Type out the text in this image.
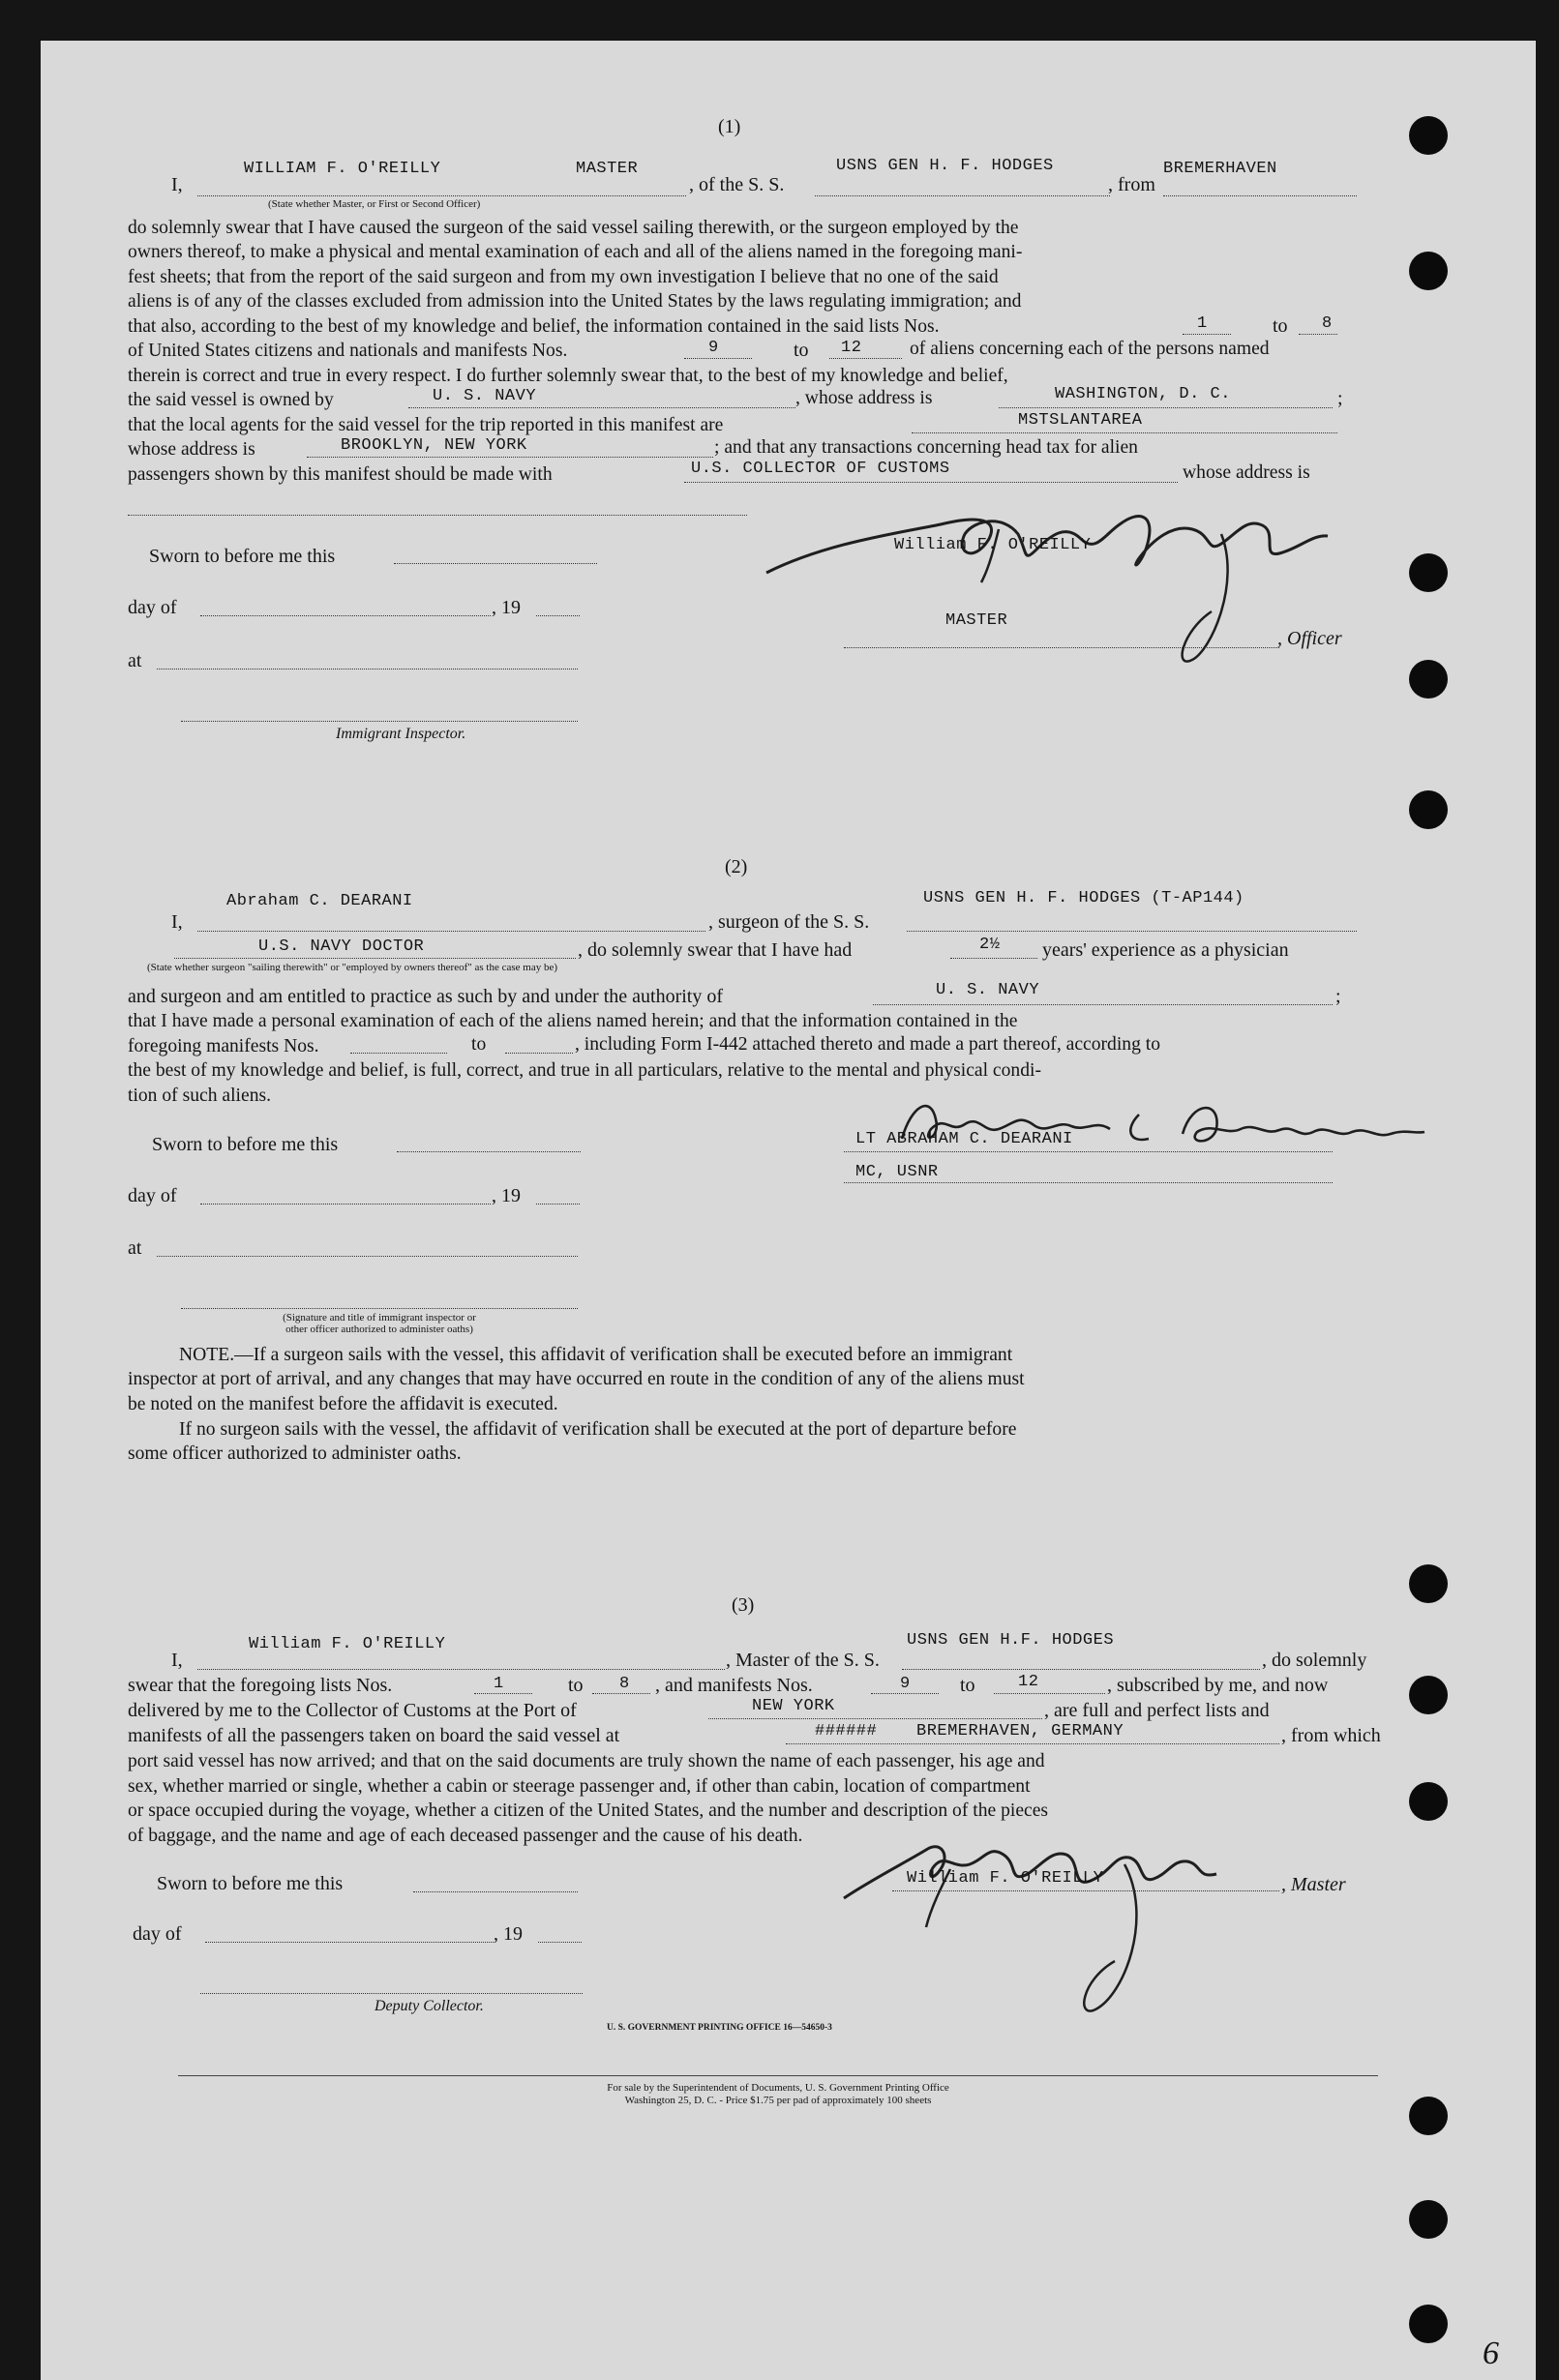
(1)
I,
WILLIAM F. O'REILLY	MASTER
(State whether Master, or First or Second Officer)
, of the S. S.
USNS GEN H. F. HODGES
, from
BREMERHAVEN
do solemnly swear that I have caused the surgeon of the said vessel sailing therewith, or the surgeon employed by the
owners thereof, to make a physical and mental examination of each and all of the aliens named in the foregoing mani-
fest sheets; that from the report of the said surgeon and from my own investigation I believe that no one of the said
aliens is of any of the classes excluded from admission into the United States by the laws regulating immigration; and
that also, according to the best of my knowledge and belief, the information contained in the said lists Nos.	1	to 8
of United States citizens and nationals and manifests Nos.	9	to 12	of aliens concerning each of the persons named
therein is correct and true in every respect. I do further solemnly swear that, to the best of my knowledge and belief,
the said vessel is owned by	U. S. NAVY	, whose address is	WASHINGTON, D. C.	;
that the local agents for the said vessel for the trip reported in this manifest are	MSTSLANTAREA
whose address is	BROOKLYN, NEW YORK	; and that any transactions concerning head tax for alien
passengers shown by this manifest should be made with	U.S. COLLECTOR OF CUSTOMS	whose address is
Sworn to before me this
William F. O'REILLY
day of	, 19
MASTER
, Officer
at
Immigrant Inspector.
(2)
I,
Abraham C. DEARANI
, surgeon of the S. S.
USNS GEN H. F. HODGES (T-AP144)
U.S. NAVY DOCTOR	, do solemnly swear that I have had	2½ years' experience as a physician
(State whether surgeon "sailing therewith" or "employed by owners thereof" as the case may be)
and surgeon and am entitled to practice as such by and under the authority of	U. S. NAVY	;
that I have made a personal examination of each of the aliens named herein; and that the information contained in the
foregoing manifests Nos.	to	, including Form I-442 attached thereto and made a part thereof, according to
the best of my knowledge and belief, is full, correct, and true in all particulars, relative to the mental and physical condi-
tion of such aliens.
Sworn to before me this	LT ABRAHAM C. DEARANI
MC, USNR
day of	, 19
at
(Signature and title of immigrant inspector or
other officer authorized to administer oaths)
NOTE.—If a surgeon sails with the vessel, this affidavit of verification shall be executed before an immigrant
inspector at port of arrival, and any changes that may have occurred en route in the condition of any of the aliens must
be noted on the manifest before the affidavit is executed.
If no surgeon sails with the vessel, the affidavit of verification shall be executed at the port of departure before
some officer authorized to administer oaths.
(3)
I,
William F. O'REILLY
, Master of the S. S.
USNS GEN H.F. HODGES
, do solemnly
swear that the foregoing lists Nos.	1	to 8 , and manifests Nos.	9	to	12	, subscribed by me, and now
delivered by me to the Collector of Customs at the Port of	NEW YORK	, are full and perfect lists and
manifests of all the passengers taken on board the said vessel at	###### BREMERHAVEN, GERMANY	, from which
port said vessel has now arrived; and that on the said documents are truly shown the name of each passenger, his age and
sex, whether married or single, whether a cabin or steerage passenger and, if other than cabin, location of compartment
or space occupied during the voyage, whether a citizen of the United States, and the number and description of the pieces
of baggage, and the name and age of each deceased passenger and the cause of his death.
Sworn to before me this	William F. O'REILLY	, Master
day of	, 19
Deputy Collector.
U. S. GOVERNMENT PRINTING OFFICE 16—54650-3
For sale by the Superintendent of Documents, U. S. Government Printing Office
Washington 25, D. C. - Price $1.75 per pad of approximately 100 sheets
6
